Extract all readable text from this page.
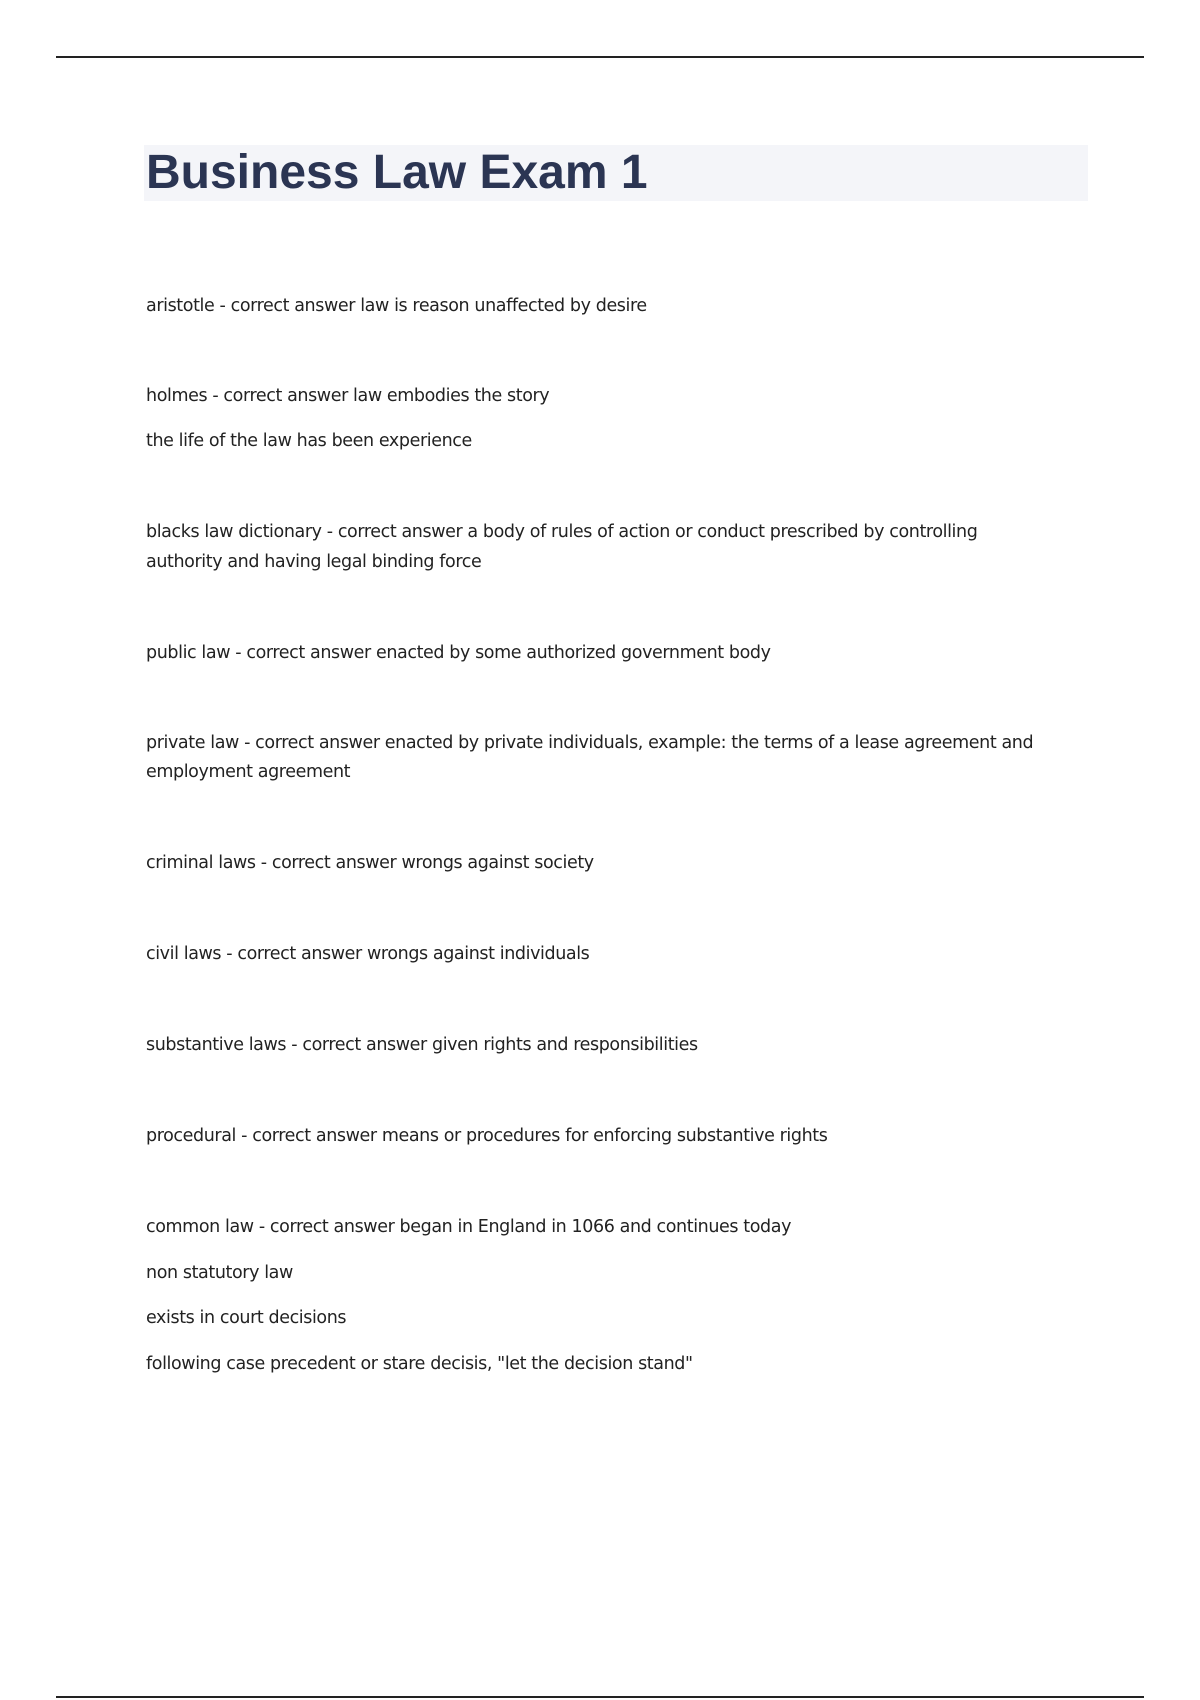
Business Law Exam 1

aristotle - correct answer law is reason unaffected by desire

holmes - correct answer law embodies the story

the life of the law has been experience

blacks law dictionary - correct answer a body of rules of action or conduct prescribed by controlling

authority and having legal binding force

public law - correct answer enacted by some authorized government body

private law - correct answer enacted by private individuals, example: the terms of a lease agreement and

employment agreement

criminal laws - correct answer wrongs against society

civil laws - correct answer wrongs against individuals

substantive laws - correct answer given rights and responsibilities

procedural - correct answer means or procedures for enforcing substantive rights

common law - correct answer began in England in 1066 and continues today

non statutory law

exists in court decisions

following case precedent or stare decisis, "let the decision stand"
